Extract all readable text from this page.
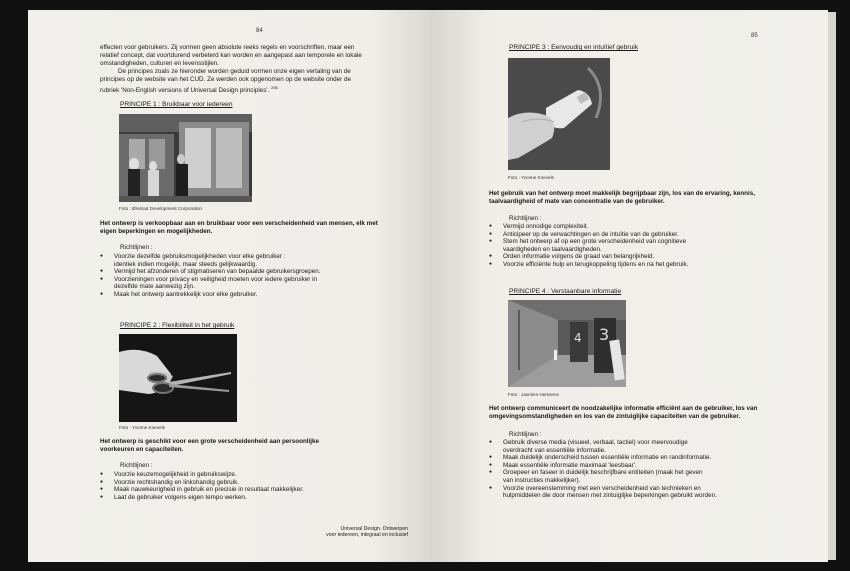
84
effecten voor gebruikers. Zij vormen geen absolute reeks regels en voorschriften, maar een
relatief concept, dat voortdurend verbeterd kan worden en aangepast aan temporele en lokale
omstandigheden, culturen en levensstijlen.
De principes zoals ze hieronder worden geduid vormen onze eigen vertaling van de
principes op de website van het CUD. Ze werden ook opgenomen op de website onder de
rubriek 'Non-English versions of Universal Design principles'. $^{296}$
PRINCIPE 1 : Bruikbaar voor iedereen
Foto : Ørestad Development Corporation
Het ontwerp is verkoopbaar aan en bruikbaar voor een verscheidenheid van mensen, elk met
eigen beperkingen en mogelijkheden.
Richtlijnen :
● Voorzie dezelfde gebruiksmogelijkheden voor elke gebruiker :
identiek indien mogelijk, maar steeds gelijkwaardig.
● Vermijd het afzonderen of stigmatiseren van bepaalde gebruikersgroepen.
● Voorzieningen voor privacy en veiligheid moeten voor iedere gebruiker in
dezelfde mate aanwezig zijn.
● Maak het ontwerp aantrekkelijk voor elke gebruiker.
PRINCIPE 2 : Flexibiliteit in het gebruik
Foto : Yvonne Knevels
Het ontwerp is geschikt voor een grote verscheidenheid aan persoonlijke
voorkeuren en capaciteiten.
Richtlijnen :
● Voorzie keuzemogelijkheid in gebruikswijze.
● Voorzie rechtshandig en linkshandig gebruik.
● Maak nauwkeurigheid in gebruik en precisie in resultaat makkelijker.
● Laat de gebruiker volgens eigen tempo werken.
Universal Design. Ontwerpen
voor iedereen, integraal en inclusief
85
PRINCIPE 3 : Eenvoudig en intuïtief gebruik
Foto : Yvonne Knevels
Het gebruik van het ontwerp moet makkelijk begrijpbaar zijn, los van de ervaring, kennis,
taalvaardigheid of mate van concentratie van de gebruiker.
Richtlijnen :
● Vermijd onnodige complexiteit.
● Anticipeer op de verwachtingen en de intuïtie van de gebruiker.
● Stem het ontwerp af op een grote verscheidenheid van cognitieve
vaardigheden en taalvaardigheden.
● Orden informatie volgens de graad van belangrijkheid.
● Voorzie efficiënte hulp en terugkoppeling tijdens en na het gebruik.
PRINCIPE 4 : Verstaanbare informatie
4 3
Foto : Jasmien Herssens
Het ontwerp communiceert de noodzakelijke informatie efficiënt aan de gebruiker, los van
omgevingsomstandigheden en los van de zintuiglijke capaciteiten van de gebruiker.
Richtlijnen :
● Gebruik diverse media (visueel, verbaal, tactiel) voor meervoudige
overdracht van essentiële informatie.
● Maak duidelijk onderscheid tussen essentiële informatie en randinformatie.
● Maak essentiële informatie maximaal 'leesbaar'.
● Groepeer en faseer in duidelijk beschrijfbare entiteiten (maak het geven
van instructies makkelijker).
● Voorzie overeenstemming met een verscheidenheid van technieken en
hulpmiddelen die door mensen met zintuiglijke beperkingen gebruikt worden.
